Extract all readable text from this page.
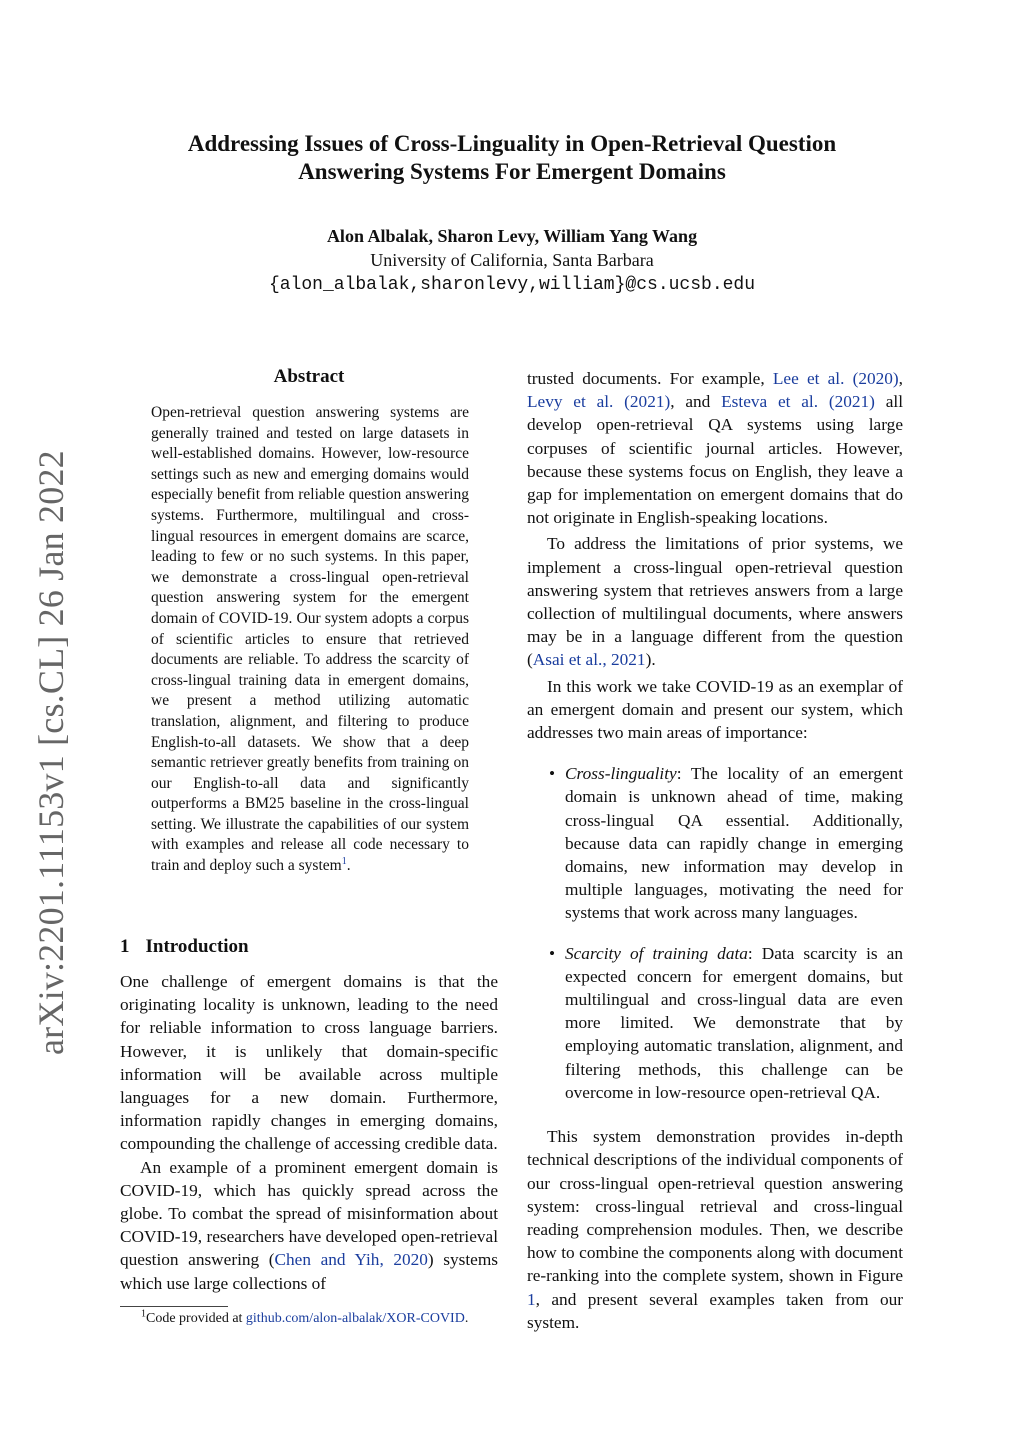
arXiv:2201.11153v1 [cs.CL] 26 Jan 2022
Addressing Issues of Cross-Linguality in Open-Retrieval Question
Answering Systems For Emergent Domains
Alon Albalak, Sharon Levy, William Yang Wang
University of California, Santa Barbara
{alon_albalak,sharonlevy,william}@cs.ucsb.edu
Abstract
Open-retrieval question answering systems are generally trained and tested on large datasets in well-established domains. However, low-resource settings such as new and emerging domains would especially benefit from reliable question answering systems. Furthermore, multilingual and cross-lingual resources in emergent domains are scarce, leading to few or no such systems. In this paper, we demonstrate a cross-lingual open-retrieval question answering system for the emergent domain of COVID-19. Our system adopts a corpus of scientific articles to ensure that retrieved documents are reliable. To address the scarcity of cross-lingual training data in emergent domains, we present a method utilizing automatic translation, alignment, and filtering to produce English-to-all datasets. We show that a deep semantic retriever greatly benefits from training on our English-to-all data and significantly outperforms a BM25 baseline in the cross-lingual setting. We illustrate the capabilities of our system with examples and release all code necessary to train and deploy such a system$^1$.
1 Introduction

One challenge of emergent domains is that the originating locality is unknown, leading to the need for reliable information to cross language barriers. However, it is unlikely that domain-specific information will be available across multiple languages for a new domain. Furthermore, information rapidly changes in emerging domains, compounding the challenge of accessing credible data.

An example of a prominent emergent domain is COVID-19, which has quickly spread across the globe. To combat the spread of misinformation about COVID-19, researchers have developed open-retrieval question answering (Chen and Yih, 2020) systems which use large collections of

$^1$Code provided at github.com/alon-albalak/XOR-COVID.

trusted documents. For example, Lee et al. (2020), Levy et al. (2021), and Esteva et al. (2021) all develop open-retrieval QA systems using large corpuses of scientific journal articles. However, because these systems focus on English, they leave a gap for implementation on emergent domains that do not originate in English-speaking locations.

To address the limitations of prior systems, we implement a cross-lingual open-retrieval question answering system that retrieves answers from a large collection of multilingual documents, where answers may be in a language different from the question (Asai et al., 2021).

In this work we take COVID-19 as an exemplar of an emergent domain and present our system, which addresses two main areas of importance:

• Cross-linguality: The locality of an emergent domain is unknown ahead of time, making cross-lingual QA essential. Additionally, because data can rapidly change in emerging domains, new information may develop in multiple languages, motivating the need for systems that work across many languages.
• Scarcity of training data: Data scarcity is an expected concern for emergent domains, but multilingual and cross-lingual data are even more limited. We demonstrate that by employing automatic translation, alignment, and filtering methods, this challenge can be overcome in low-resource open-retrieval QA.

This system demonstration provides in-depth technical descriptions of the individual components of our cross-lingual open-retrieval question answering system: cross-lingual retrieval and cross-lingual reading comprehension modules. Then, we describe how to combine the components along with document re-ranking into the complete system, shown in Figure 1, and present several examples taken from our system.
